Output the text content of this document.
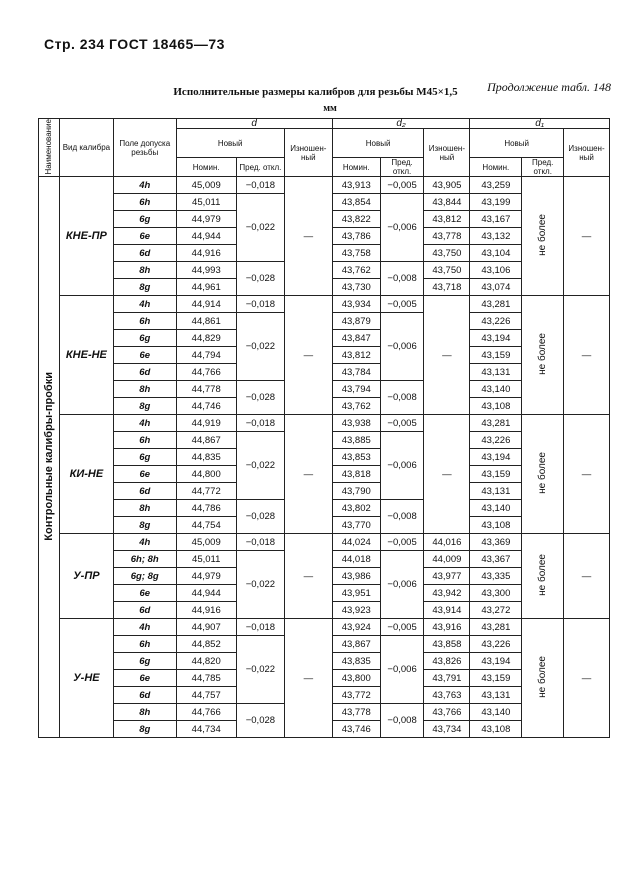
Стр. 234 ГОСТ 18465—73
Продолжение табл. 148
Исполнительные размеры калибров для резьбы M45×1,5
мм
Наименование	Вид калибра	Поле допуска резьбы	d			d₂			d₁		
			Новый		Изношен-ный	Новый		Изношен-ный	Новый		Изношен-ный
			Номин.	Пред. откл.		Номин.	Пред. откл.		Номин.	Пред. откл.	
Контрольные калибры-пробки	КНЕ-ПР	4h	45,009	−0,018	—	43,913	−0,005	43,905	43,259	не более	—
		6h	45,011	−0,022		43,854	−0,006	43,844	43,199		
		6g	44,979			43,822		43,812	43,167		
		6e	44,944			43,786		43,778	43,132		
		6d	44,916			43,758		43,750	43,104		
		8h	44,993	−0,028		43,762	−0,008	43,750	43,106		
		8g	44,961			43,730		43,718	43,074		
	КНЕ-НЕ	4h	44,914	−0,018	—	43,934	−0,005	—	43,281	не более	—
		6h	44,861	−0,022		43,879	−0,006		43,226		
		6g	44,829			43,847			43,194		
		6e	44,794			43,812			43,159		
		6d	44,766			43,784			43,131		
		8h	44,778	−0,028		43,794	−0,008		43,140		
		8g	44,746			43,762			43,108		
	КИ-НЕ	4h	44,919	−0,018	—	43,938	−0,005	—	43,281	не более	—
		6h	44,867	−0,022		43,885	−0,006		43,226		
		6g	44,835			43,853			43,194		
		6e	44,800			43,818			43,159		
		6d	44,772			43,790			43,131		
		8h	44,786	−0,028		43,802	−0,008		43,140		
		8g	44,754			43,770			43,108		
	У-ПР	4h	45,009	−0,018	—	44,024	−0,005	44,016	43,369	не более	—
		6h; 8h	45,011	−0,022		44,018	−0,006	44,009	43,367		
		6g; 8g	44,979			43,986		43,977	43,335		
		6e	44,944			43,951		43,942	43,300		
		6d	44,916			43,923		43,914	43,272		
	У-НЕ	4h	44,907	−0,018	—	43,924	−0,005	43,916	43,281	не более	—
		6h	44,852	−0,022		43,867	−0,006	43,858	43,226		
		6g	44,820			43,835		43,826	43,194		
		6e	44,785			43,800		43,791	43,159		
		6d	44,757			43,772		43,763	43,131		
		8h	44,766	−0,028		43,778	−0,008	43,766	43,140		
		8g	44,734			43,746		43,734	43,108		
